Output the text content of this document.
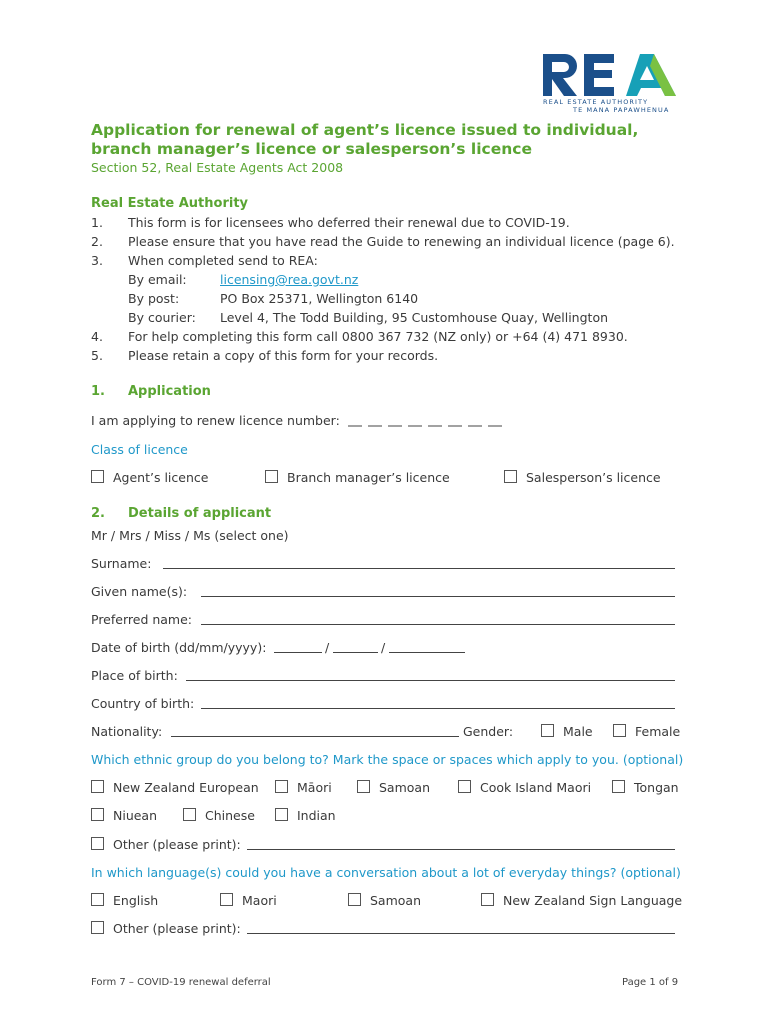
REAL ESTATE AUTHORITY
TE MANA PAPAWHENUA
Application for renewal of agent’s licence issued to individual, branch manager’s licence or salesperson’s licence
Section 52, Real Estate Agents Act 2008
Real Estate Authority
1. This form is for licensees who deferred their renewal due to COVID-19.
2. Please ensure that you have read the Guide to renewing an individual licence (page 6).
3. When completed send to REA:
By email:	licensing@rea.govt.nz
By post:	PO Box 25371, Wellington 6140
By courier: Level 4, The Todd Building, 95 Customhouse Quay, Wellington
4. For help completing this form call 0800 367 732 (NZ only) or +64 (4) 471 8930.
5. Please retain a copy of this form for your records.
1. Application
I am applying to renew licence number:
Class of licence
Agent’s licence	Branch manager’s licence	Salesperson’s licence
2. Details of applicant
Mr / Mrs / Miss / Ms (select one)
Surname:
Given name(s):
Preferred name:
Date of birth (dd/mm/yyyy):	/	/
Place of birth:
Country of birth:
Nationality:	Gender:	Male	Female
Which ethnic group do you belong to? Mark the space or spaces which apply to you. (optional)
New Zealand European	Māori	Samoan	Cook Island Maori	Tongan
Niuean	Chinese	Indian
Other (please print):
In which language(s) could you have a conversation about a lot of everyday things? (optional)
English	Maori	Samoan	New Zealand Sign Language
Other (please print):
Form 7 – COVID-19 renewal deferral	Page 1 of 9
